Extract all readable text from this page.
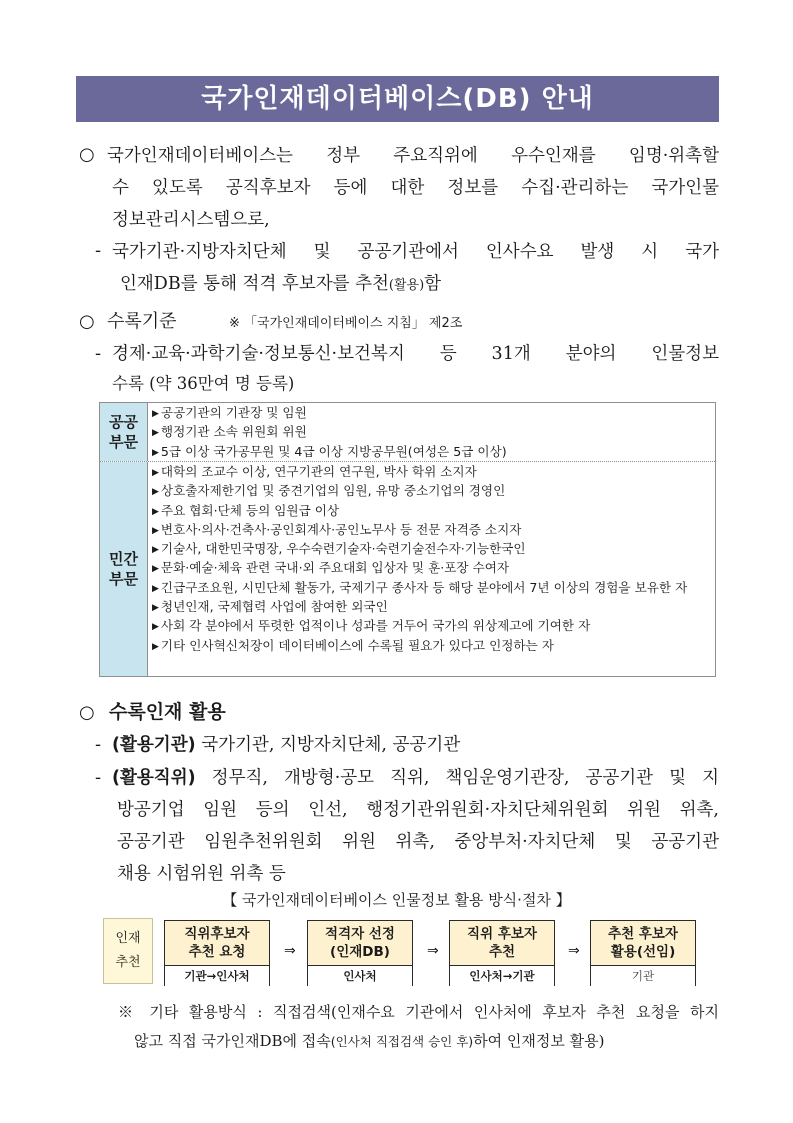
국가인재데이터베이스(DB) 안내
○ 국가인재데이터베이스는 정부 주요직위에 우수인재를 임명·위촉할
수 있도록 공직후보자 등에 대한 정보를 수집·관리하는 국가인물
정보관리시스템으로,
- 국가기관·지방자치단체 및 공공기관에서 인사수요 발생 시 국가
인재DB를 통해 적격 후보자를 추천(활용)함
○ 수록기준	※ 「국가인재데이터베이스 지침」 제2조
- 경제·교육·과학기술·정보통신·보건복지 등 31개 분야의 인물정보
수록 (약 36만여 명 등록)
공공
부문
▶ 공공기관의 기관장 및 임원
▶ 행정기관 소속 위원회 위원
▶ 5급 이상 국가공무원 및 4급 이상 지방공무원(여성은 5급 이상)
민간
부문
▶ 대학의 조교수 이상, 연구기관의 연구원, 박사 학위 소지자
▶ 상호출자제한기업 및 중견기업의 임원, 유망 중소기업의 경영인
▶ 주요 협회·단체 등의 임원급 이상
▶ 변호사·의사·건축사·공인회계사·공인노무사 등 전문 자격증 소지자
▶ 기술사, 대한민국명장, 우수숙련기술자·숙련기술전수자·기능한국인
▶ 문화·예술·체육 관련 국내·외 주요대회 입상자 및 훈·포장 수여자
▶ 긴급구조요원, 시민단체 활동가, 국제기구 종사자 등 해당 분야에서 7년 이상의 경험을 보유한 자
▶ 청년인재, 국제협력 사업에 참여한 외국인
▶ 사회 각 분야에서 뚜렷한 업적이나 성과를 거두어 국가의 위상제고에 기여한 자
▶ 기타 인사혁신처장이 데이터베이스에 수록될 필요가 있다고 인정하는 자
○ 수록인재 활용
- (활용기관) 국가기관, 지방자치단체, 공공기관
- (활용직위) 정무직, 개방형·공모 직위, 책임운영기관장, 공공기관 및 지
방공기업 임원 등의 인선, 행정기관위원회·자치단체위원회 위원 위촉,
공공기관 임원추천위원회 위원 위촉, 중앙부처·자치단체 및 공공기관
채용 시험위원 위촉 등
【 국가인재데이터베이스 인물정보 활용 방식·절차 】
인재
추천
직위후보자
추천 요청
기관→인사처
⇒
적격자 선정
(인재DB)
인사처
⇒
직위 후보자
추천
인사처→기관
⇒
추천 후보자
활용(선임)
기관
※ 기타 활용방식 : 직접검색(인재수요 기관에서 인사처에 후보자 추천 요청을 하지
않고 직접 국가인재DB에 접속(인사처 직접검색 승인 후)하여 인재정보 활용)
